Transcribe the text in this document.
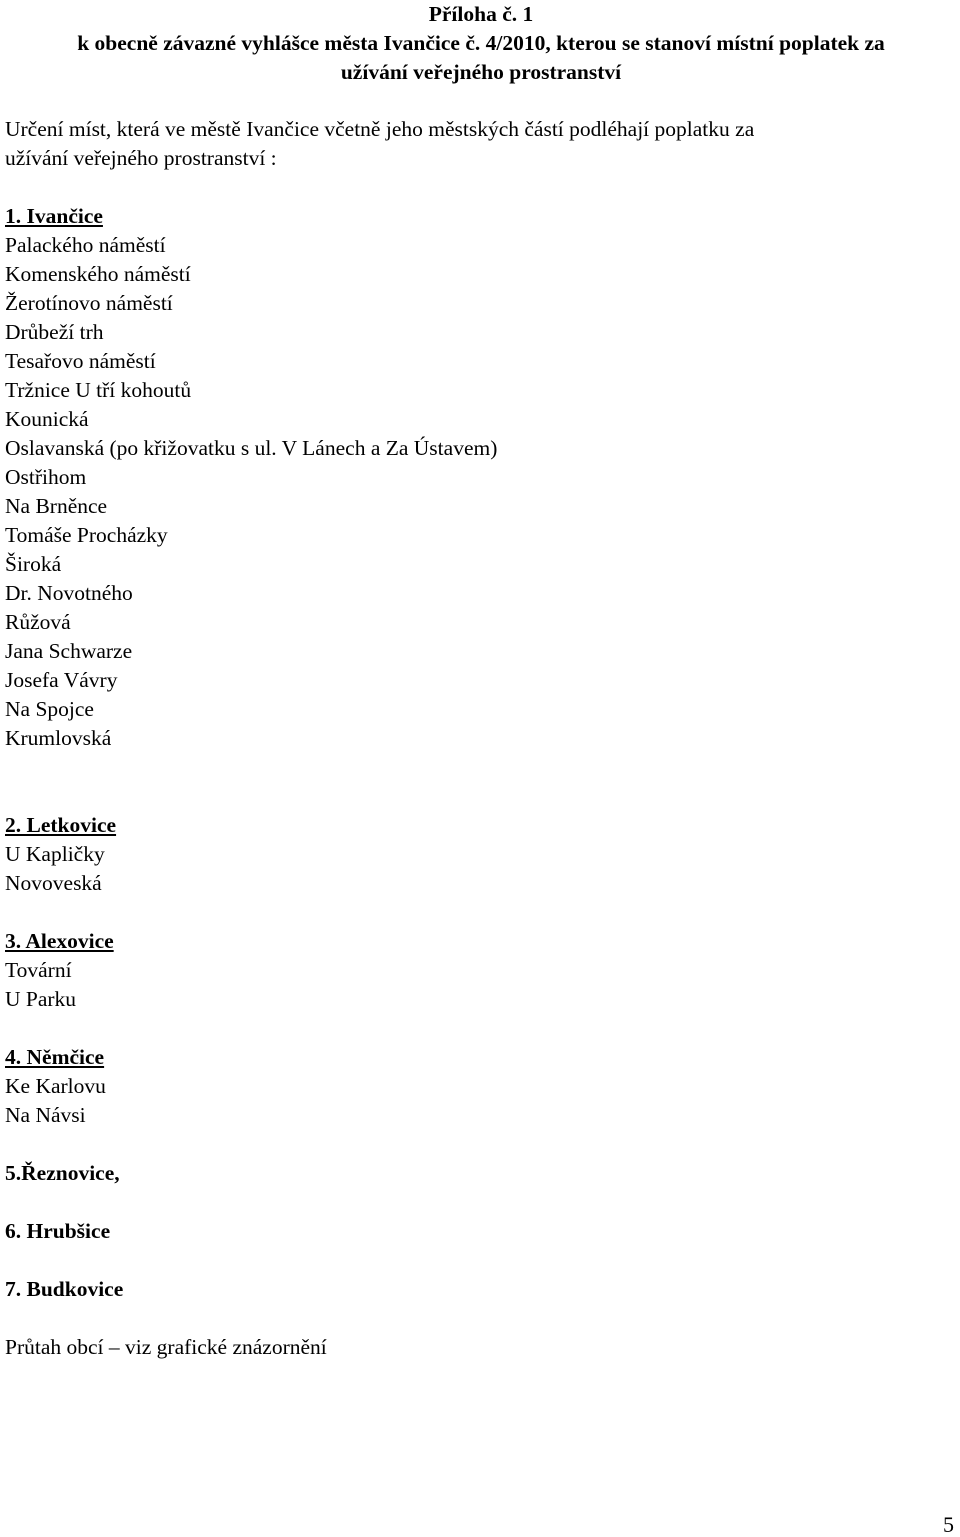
Příloha č. 1
k obecně závazné vyhlášce města Ivančice č. 4/2010, kterou se stanoví místní poplatek za
užívání veřejného prostranství
Určení míst, která ve městě Ivančice včetně jeho městských částí podléhají poplatku za
užívání veřejného prostranství :
1. Ivančice
Palackého náměstí
Komenského náměstí
Žerotínovo náměstí
Drůbeží trh
Tesařovo náměstí
Tržnice U tří kohoutů
Kounická
Oslavanská (po křižovatku s ul. V Lánech a Za Ústavem)
Ostřihom
Na Brněnce
Tomáše Procházky
Široká
Dr. Novotného
Růžová
Jana Schwarze
Josefa Vávry
Na Spojce
Krumlovská
2. Letkovice
U Kapličky
Novoveská
3. Alexovice
Tovární
U Parku
4. Němčice
Ke Karlovu
Na Návsi
5.Řeznovice,
6. Hrubšice
7. Budkovice
Průtah obcí – viz grafické znázornění
5
